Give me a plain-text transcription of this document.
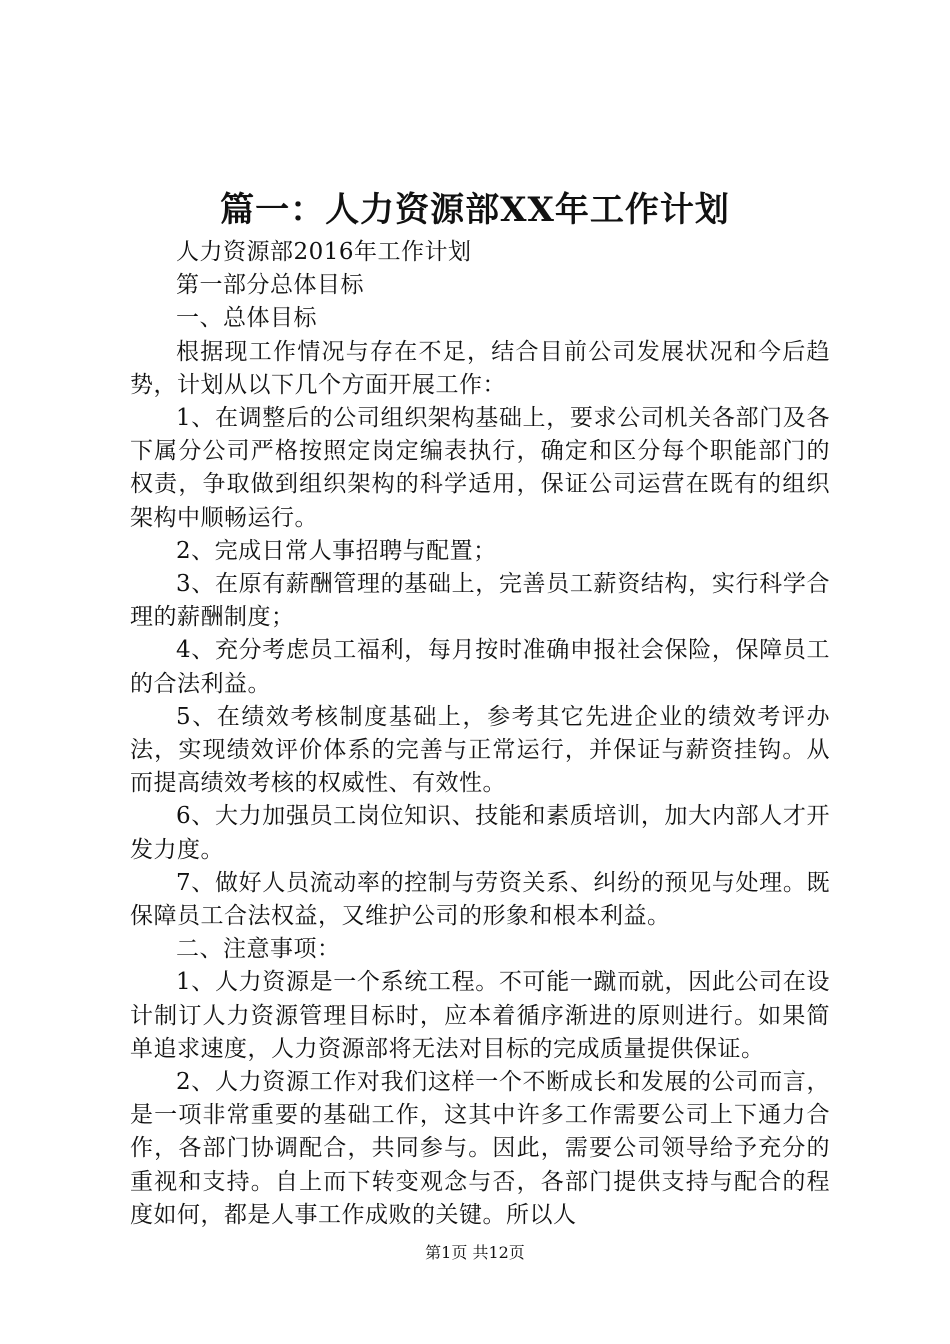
篇一：人力资源部XX年工作计划

人力资源部2016年工作计划

第一部分总体目标

一、总体目标

根据现工作情况与存在不足，结合目前公司发展状况和今后趋势，计划从以下几个方面开展工作：

1、在调整后的公司组织架构基础上，要求公司机关各部门及各下属分公司严格按照定岗定编表执行，确定和区分每个职能部门的权责，争取做到组织架构的科学适用，保证公司运营在既有的组织架构中顺畅运行。

2、完成日常人事招聘与配置；

3、在原有薪酬管理的基础上，完善员工薪资结构，实行科学合理的薪酬制度；

4、充分考虑员工福利，每月按时准确申报社会保险，保障员工的合法利益。

5、在绩效考核制度基础上，参考其它先进企业的绩效考评办法，实现绩效评价体系的完善与正常运行，并保证与薪资挂钩。从而提高绩效考核的权威性、有效性。

6、大力加强员工岗位知识、技能和素质培训，加大内部人才开发力度。

7、做好人员流动率的控制与劳资关系、纠纷的预见与处理。既保障员工合法权益，又维护公司的形象和根本利益。

二、注意事项：

1、人力资源是一个系统工程。不可能一蹴而就，因此公司在设计制订人力资源管理目标时，应本着循序渐进的原则进行。如果简单追求速度，人力资源部将无法对目标的完成质量提供保证。

2、人力资源工作对我们这样一个不断成长和发展的公司而言，是一项非常重要的基础工作，这其中许多工作需要公司上下通力合作，各部门协调配合，共同参与。因此，需要公司领导给予充分的重视和支持。自上而下转变观念与否，各部门提供支持与配合的程度如何，都是人事工作成败的关键。所以人

第1页 共12页
